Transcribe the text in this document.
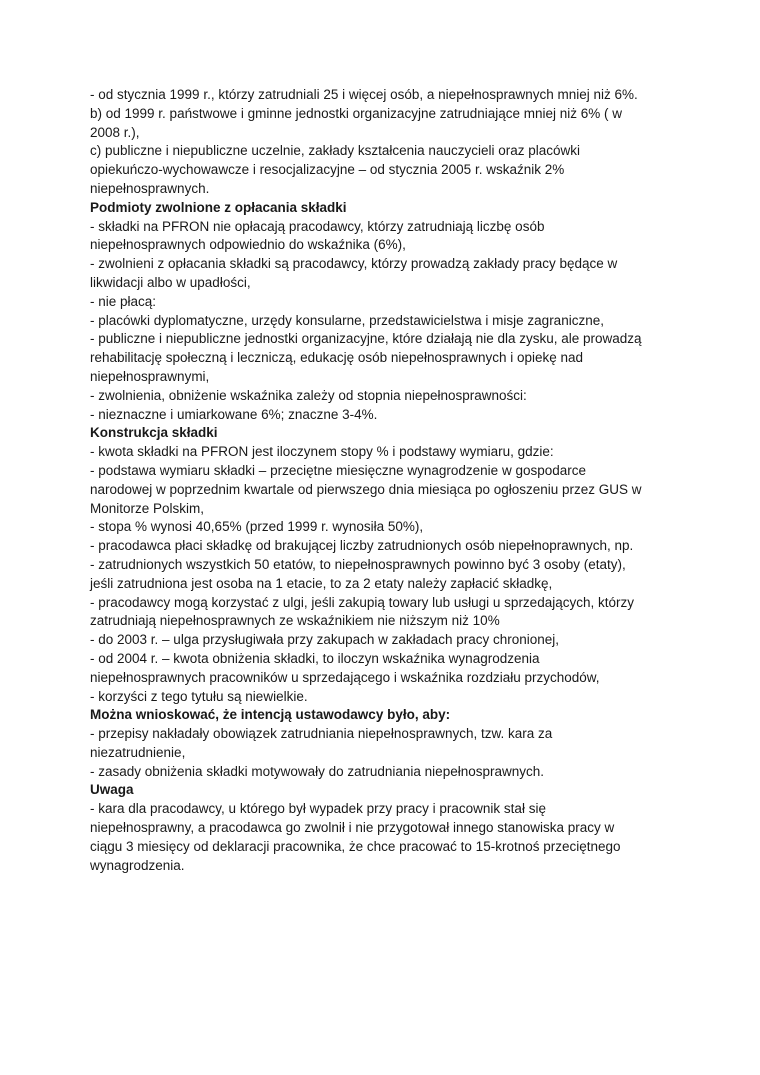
- od stycznia 1999 r., którzy zatrudniali 25 i więcej osób, a niepełnosprawnych mniej niż 6%.
b) od 1999 r. państwowe i gminne jednostki organizacyjne zatrudniające mniej niż 6% ( w
2008 r.),
c) publiczne i niepubliczne uczelnie, zakłady kształcenia nauczycieli oraz placówki
opiekuńczo-wychowawcze i resocjalizacyjne – od stycznia 2005 r. wskaźnik 2%
niepełnosprawnych.
Podmioty zwolnione z opłacania składki
- składki na PFRON nie opłacają pracodawcy, którzy zatrudniają liczbę osób
niepełnosprawnych odpowiednio do wskaźnika (6%),
- zwolnieni z opłacania składki są pracodawcy, którzy prowadzą zakłady pracy będące w
likwidacji albo w upadłości,
- nie płacą:
- placówki dyplomatyczne, urzędy konsularne, przedstawicielstwa i misje zagraniczne,
- publiczne i niepubliczne jednostki organizacyjne, które działają nie dla zysku, ale prowadzą
rehabilitację społeczną i leczniczą, edukację osób niepełnosprawnych i opiekę nad
niepełnosprawnymi,
- zwolnienia, obniżenie wskaźnika zależy od stopnia niepełnosprawności:
- nieznaczne i umiarkowane 6%; znaczne 3-4%.
Konstrukcja składki
- kwota składki na PFRON jest iloczynem stopy % i podstawy wymiaru, gdzie:
- podstawa wymiaru składki – przeciętne miesięczne wynagrodzenie w gospodarce
narodowej w poprzednim kwartale od pierwszego dnia miesiąca po ogłoszeniu przez GUS w
Monitorze Polskim,
- stopa % wynosi 40,65% (przed 1999 r. wynosiła 50%),
- pracodawca płaci składkę od brakującej liczby zatrudnionych osób niepełnoprawnych, np.
- zatrudnionych wszystkich 50 etatów, to niepełnosprawnych powinno być 3 osoby (etaty),
jeśli zatrudniona jest osoba na 1 etacie, to za 2 etaty należy zapłacić składkę,
- pracodawcy mogą korzystać z ulgi, jeśli zakupią towary lub usługi u sprzedających, którzy
zatrudniają niepełnosprawnych ze wskaźnikiem nie niższym niż 10%
- do 2003 r. – ulga przysługiwała przy zakupach w zakładach pracy chronionej,
- od 2004 r. – kwota obniżenia składki, to iloczyn wskaźnika wynagrodzenia
niepełnosprawnych pracowników u sprzedającego i wskaźnika rozdziału przychodów,
- korzyści z tego tytułu są niewielkie.
Można wnioskować, że intencją ustawodawcy było, aby:
- przepisy nakładały obowiązek zatrudniania niepełnosprawnych, tzw. kara za
niezatrudnienie,
- zasady obniżenia składki motywowały do zatrudniania niepełnosprawnych.
Uwaga
- kara dla pracodawcy, u którego był wypadek przy pracy i pracownik stał się
niepełnosprawny, a pracodawca go zwolnił i nie przygotował innego stanowiska pracy w
ciągu 3 miesięcy od deklaracji pracownika, że chce pracować to 15-krotnoś przeciętnego
wynagrodzenia.
